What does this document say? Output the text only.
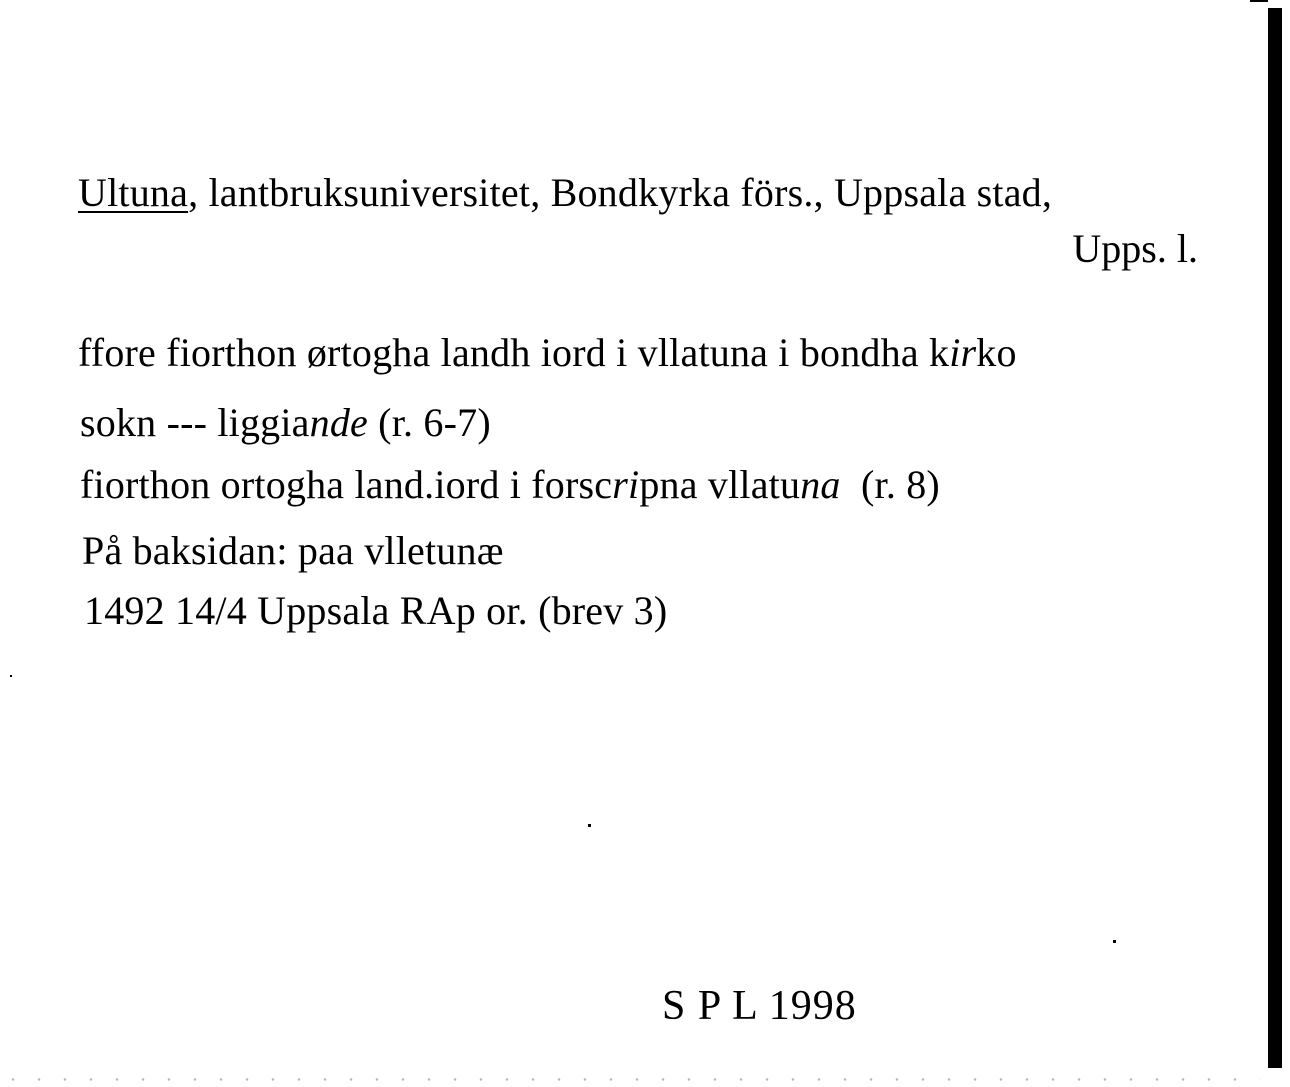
Ultuna, lantbruksuniversitet, Bondkyrka förs., Uppsala stad,
Upps. l.
ffore fiorthon ørtogha landh iord i vllatuna i bondha kirko
sokn --- liggiande (r. 6-7)
fiorthon ortogha land.iord i forscripna vllatuna  (r. 8)
På baksidan: paa vlletunæ
1492 14/4 Uppsala RAp or. (brev 3)
S P L 1998
